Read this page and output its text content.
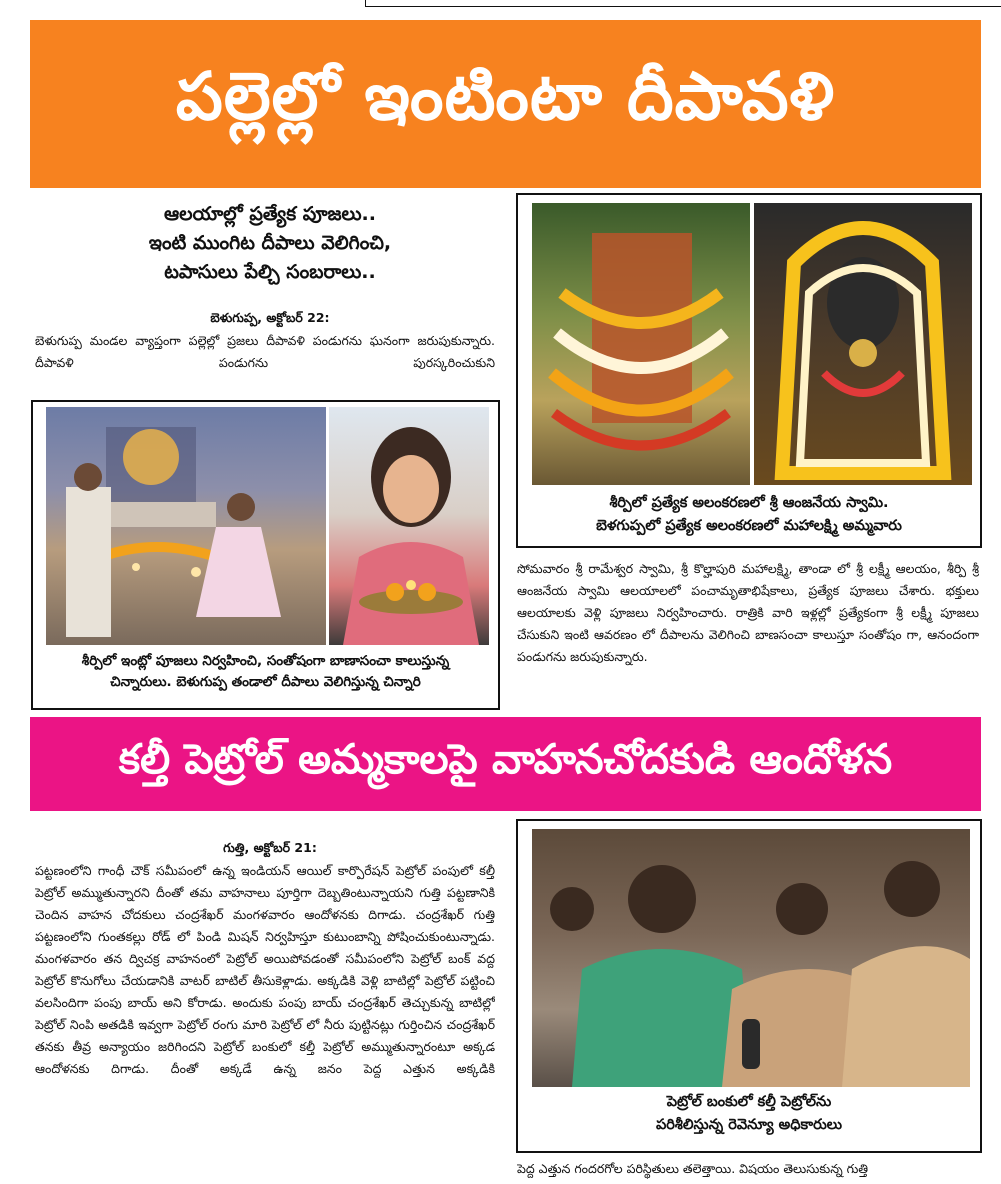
పల్లెల్లో ఇంటింటా దీపావళి
ఆలయాల్లో ప్రత్యేక పూజలు..
ఇంటి ముంగిట దీపాలు వెలిగించి,
టపాసులు పేల్చి సంబరాలు..
బెళుగుప్ప, అక్టోబర్ 22:
బెళుగుప్ప మండల వ్యాప్తంగా పల్లెల్లో ప్రజలు దీపావళి పండుగను ఘనంగా జరుపుకున్నారు. దీపావళి పండుగను పురస్కరించుకుని
శీర్పిలో ఇంట్లో పూజలు నిర్వహించి, సంతోషంగా బాణాసంచా కాలుస్తున్న
చిన్నారులు. బెళుగుప్ప తండాలో దీపాలు వెలిగిస్తున్న చిన్నారి
శీర్పిలో ప్రత్యేక అలంకరణలో శ్రీ ఆంజనేయ స్వామి.
బెళగుప్పలో ప్రత్యేక అలంకరణలో మహాలక్ష్మి అమ్మవారు
సోమవారం శ్రీ రామేశ్వర స్వామి, శ్రీ కొల్హాపురి మహాలక్ష్మి, తాండా లో శ్రీ లక్ష్మీ ఆలయం, శీర్పి శ్రీ ఆంజనేయ స్వామి ఆలయాలలో పంచామృతాభిషేకాలు, ప్రత్యేక పూజలు చేశారు. భక్తులు ఆలయాలకు వెళ్లి పూజలు నిర్వహించారు. రాత్రికి వారి ఇళ్లల్లో ప్రత్యేకంగా శ్రీ లక్ష్మీ పూజలు చేసుకుని ఇంటి ఆవరణం లో దీపాలను వెలిగించి బాణసంచా కాలుస్తూ సంతోషం గా, ఆనందంగా పండుగను జరుపుకున్నారు.
కల్తీ పెట్రోల్ అమ్మకాలపై వాహనచోదకుడి ఆందోళన
గుత్తి, అక్టోబర్ 21:
పట్టణంలోని గాంధీ చౌక్ సమీపంలో ఉన్న ఇండియన్ ఆయిల్ కార్పొరేషన్ పెట్రోల్ పంపులో కల్తీ పెట్రోల్ అమ్ముతున్నారని దీంతో తమ వాహనాలు పూర్తిగా దెబ్బతింటున్నాయని గుత్తి పట్టణానికి చెందిన వాహన చోదకులు చంద్రశేఖర్ మంగళవారం ఆందోళనకు దిగాడు. చంద్రశేఖర్ గుత్తి పట్టణంలోని గుంతకల్లు రోడ్ లో పిండి మిషన్ నిర్వహిస్తూ కుటుంబాన్ని పోషించుకుంటున్నాడు. మంగళవారం తన ద్విచక్ర వాహనంలో పెట్రోల్ అయిపోవడంతో సమీపంలోని పెట్రోల్ బంక్ వద్ద పెట్రోల్ కొనుగోలు చేయడానికి వాటర్ బాటిల్ తీసుకెళ్లాడు. అక్కడికి వెళ్లి బాటిల్లో పెట్రోల్ పట్టించి వలసిందిగా పంపు బాయ్ అని కోరాడు. అందుకు పంపు బాయ్ చంద్రశేఖర్ తెచ్చుకున్న బాటిల్లో పెట్రోల్ నింపి అతడికి ఇవ్వగా పెట్రోల్ రంగు మారి పెట్రోల్ లో నీరు పుట్టినట్లు గుర్తించిన చంద్రశేఖర్ తనకు తీవ్ర అన్యాయం జరిగిందని పెట్రోల్ బంకులో కల్తీ పెట్రోల్ అమ్ముతున్నారంటూ అక్కడ ఆందోళనకు దిగాడు. దీంతో అక్కడే ఉన్న జనం పెద్ద ఎత్తున అక్కడికి
పెట్రోల్ బంకులో కల్తీ పెట్రోల్‌ను
పరిశీలిస్తున్న రెవెన్యూ అధికారులు
పెద్ద ఎత్తున గందరగోల పరిస్థితులు తలెత్తాయి. విషయం తెలుసుకున్న గుత్తి
